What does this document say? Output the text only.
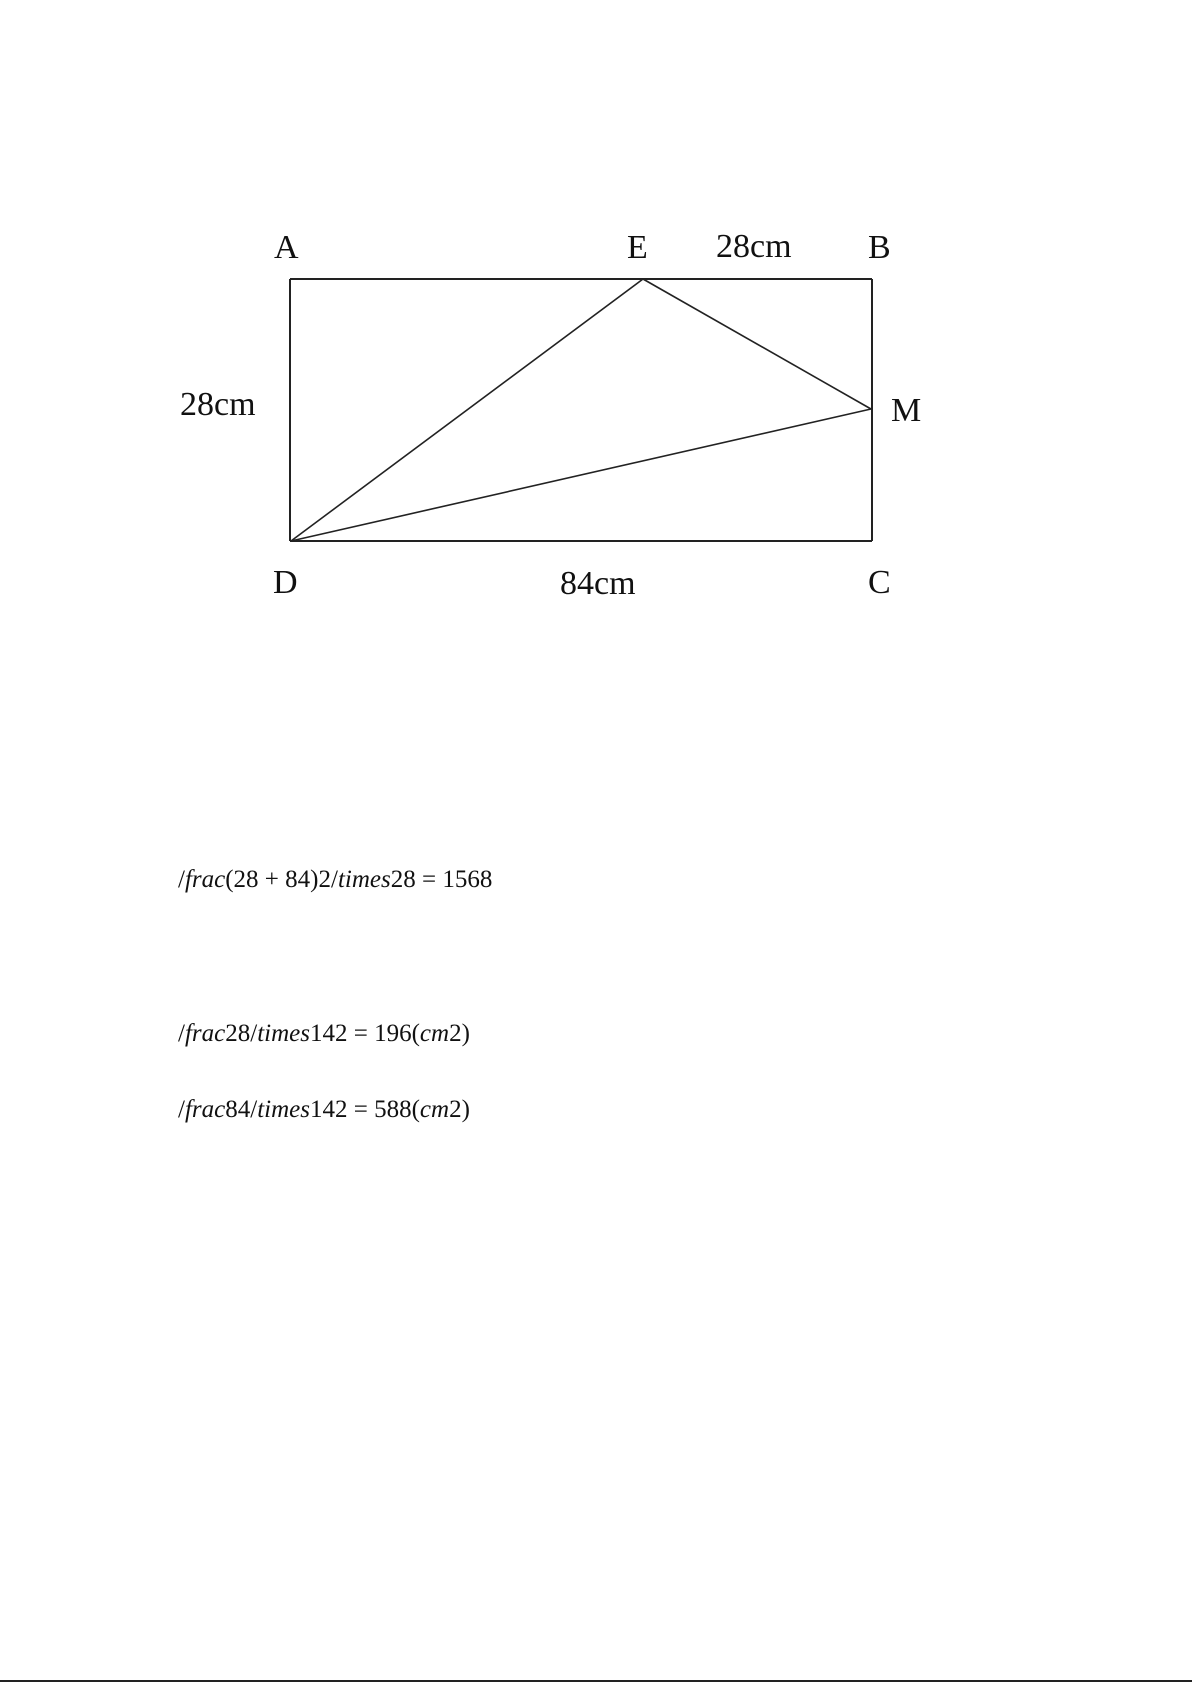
A	E	B
M
D	C
28cm
28cm
84cm
/frac(28 + 84)2/times28 = 1568
/frac28/times142 = 196(cm2)
/frac84/times142 = 588(cm2)
